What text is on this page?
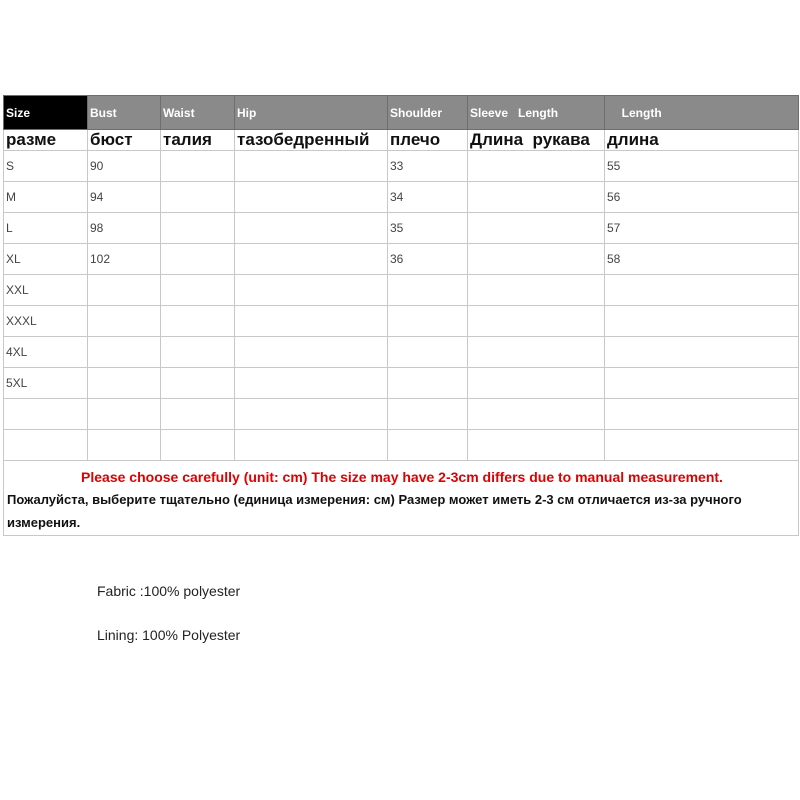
Size	Bust	Waist	Hip	Shoulder	Sleeve   Length	Length
разме	бюст	талия	тазобедренный	плечо	Длина  рукава	длина
S	90			33		55
M	94			34		56
L	98			35		57
XL	102			36		58
XXL						
XXXL						
4XL						
5XL						

Please choose carefully (unit: cm) The size may have 2-3cm differs due to manual measurement.
Пожалуйста, выберите тщательно (единица измерения: см) Размер может иметь 2-3 см отличается из-за ручного измерения.						
Fabric :100% polyester
Lining: 100% Polyester
